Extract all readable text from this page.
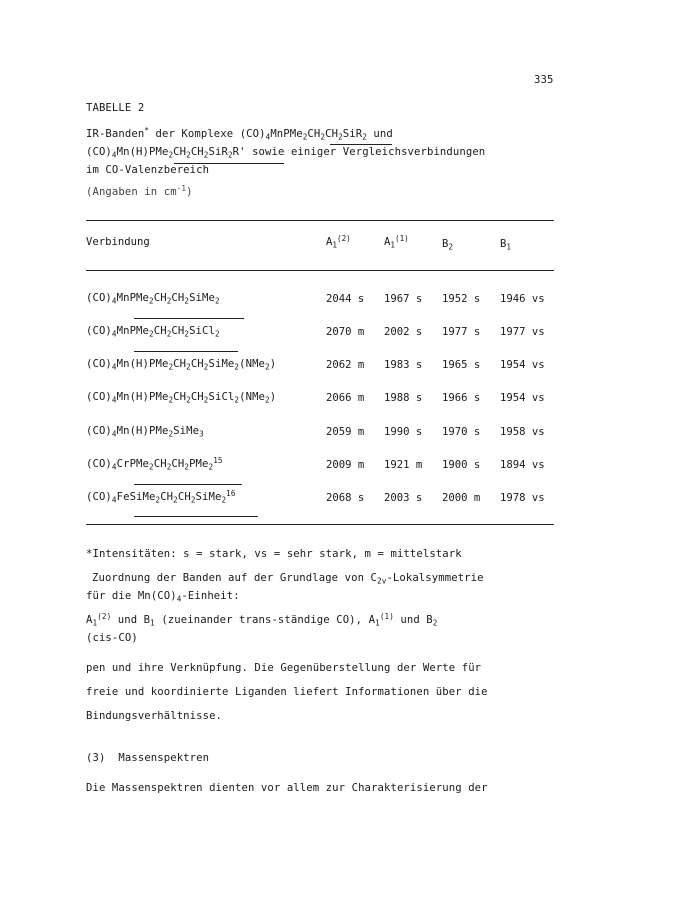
335
TABELLE 2
IR-Banden* der Komplexe $(CO)_4MnPMe_2CH_2CH_2SiR_2$ und
$(CO)_4Mn(H)PMe_2CH_2CH_2SiR_2R'$ sowie einiger Vergleichsverbindungen
im CO-Valenzbereich
(Angaben in $cm^{-1}$)
Verbindung	$A_1^{(2)}$	$A_1^{(1)}$	$B_2$	$B_1$
$(CO)_4MnPMe_2CH_2CH_2SiMe_2$	2044 s 1967 s 1952 s 1946 vs
$(CO)_4MnPMe_2CH_2CH_2SiCl_2$	2070 m 2002 s 1977 s 1977 vs
$(CO)_4Mn(H)PMe_2CH_2CH_2SiMe_2(NMe_2)$	2062 m 1983 s 1965 s 1954 vs
$(CO)_4Mn(H)PMe_2CH_2CH_2SiCl_2(NMe_2)$	2066 m 1988 s 1966 s 1954 vs
$(CO)_4Mn(H)PMe_2SiMe_3$	2059 m 1990 s 1970 s 1958 vs
$(CO)_4CrPMe_2CH_2CH_2PMe_2^{15}$	2009 m 1921 m 1900 s 1894 vs
$(CO)_4FeSiMe_2CH_2CH_2SiMe_2^{16}$	2068 s 2003 s 2000 m 1978 vs
*Intensitäten: s = stark, vs = sehr stark, m = mittelstark
Zuordnung der Banden auf der Grundlage von $C_{2v}$-Lokalsymmetrie
für die $Mn(CO)_4$-Einheit:
$A_1^{(2)}$ und $B_1$ (zueinander trans-ständige CO), $A_1^{(1)}$ und $B_2$
(cis-CO)
pen und ihre Verknüpfung. Die Gegenüberstellung der Werte für
freie und koordinierte Liganden liefert Informationen über die
Bindungsverhältnisse.
(3) Massenspektren
Die Massenspektren dienten vor allem zur Charakterisierung der
